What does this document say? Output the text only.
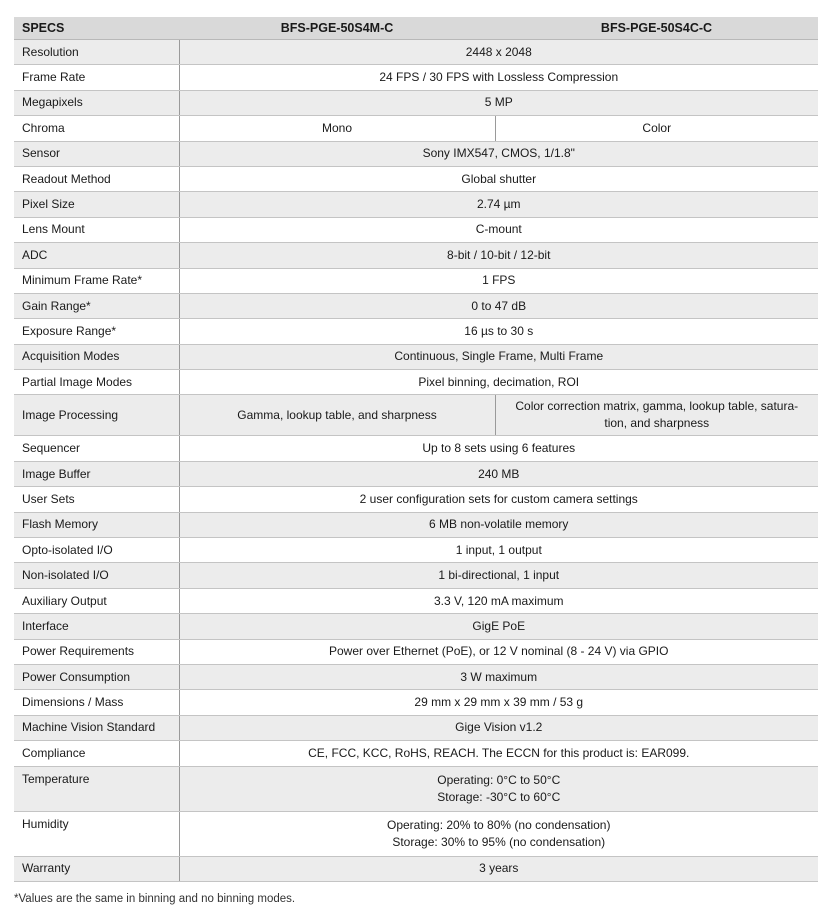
SPECS	BFS-PGE-50S4M-C	BFS-PGE-50S4C-C
Resolution	2448 x 2048	
Frame Rate	24 FPS / 30 FPS with Lossless Compression	
Megapixels	5 MP	
Chroma	Mono	Color
Sensor	Sony IMX547, CMOS, 1/1.8"	
Readout Method	Global shutter	
Pixel Size	2.74 µm	
Lens Mount	C-mount	
ADC	8-bit / 10-bit / 12-bit	
Minimum Frame Rate*	1 FPS	
Gain Range*	0 to 47 dB	
Exposure Range*	16 µs to 30 s	
Acquisition Modes	Continuous, Single Frame, Multi Frame	
Partial Image Modes	Pixel binning, decimation, ROI	
Image Processing	Gamma, lookup table, and sharpness	Color correction matrix, gamma, lookup table, satura-
tion, and sharpness

Sequencer	Up to 8 sets using 6 features	
Image Buffer	240 MB	
User Sets	2 user configuration sets for custom camera settings	
Flash Memory	6 MB non-volatile memory	
Opto-isolated I/O	1 input, 1 output	
Non-isolated I/O	1 bi-directional, 1 input	
Auxiliary Output	3.3 V, 120 mA maximum	
Interface	GigE PoE	
Power Requirements	Power over Ethernet (PoE), or 12 V nominal (8 - 24 V) via GPIO	
Power Consumption	3 W maximum	
Dimensions / Mass	29 mm x 29 mm x 39 mm / 53 g	
Machine Vision Standard	Gige Vision v1.2	
Compliance	CE, FCC, KCC, RoHS, REACH. The ECCN for this product is: EAR099.	
Temperature	Operating: 0°C to 50°C
Storage: -30°C to 60°C	

Humidity	Operating: 20% to 80% (no condensation)
Storage: 30% to 95% (no condensation)	

Warranty	3 years	
*Values are the same in binning and no binning modes.
